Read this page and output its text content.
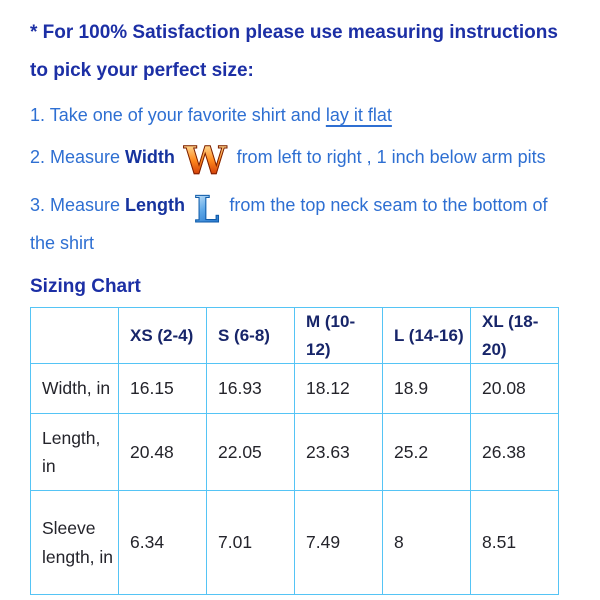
* For 100% Satisfaction please use measuring instructions
to pick your perfect size:
1. Take one of your favorite shirt and lay it flat
2. Measure Width W from left to right , 1 inch below arm pits
3. Measure Length L from the top neck seam to the bottom of
the shirt
Sizing Chart
	XS (2-4)	S (6-8)	M (10-12)	L (14-16)	XL (18-20)
Width, in	16.15	16.93	18.12	18.9	20.08
Length, in	20.48	22.05	23.63	25.2	26.38
Sleeve length, in	6.34	7.01	7.49	8	8.51
